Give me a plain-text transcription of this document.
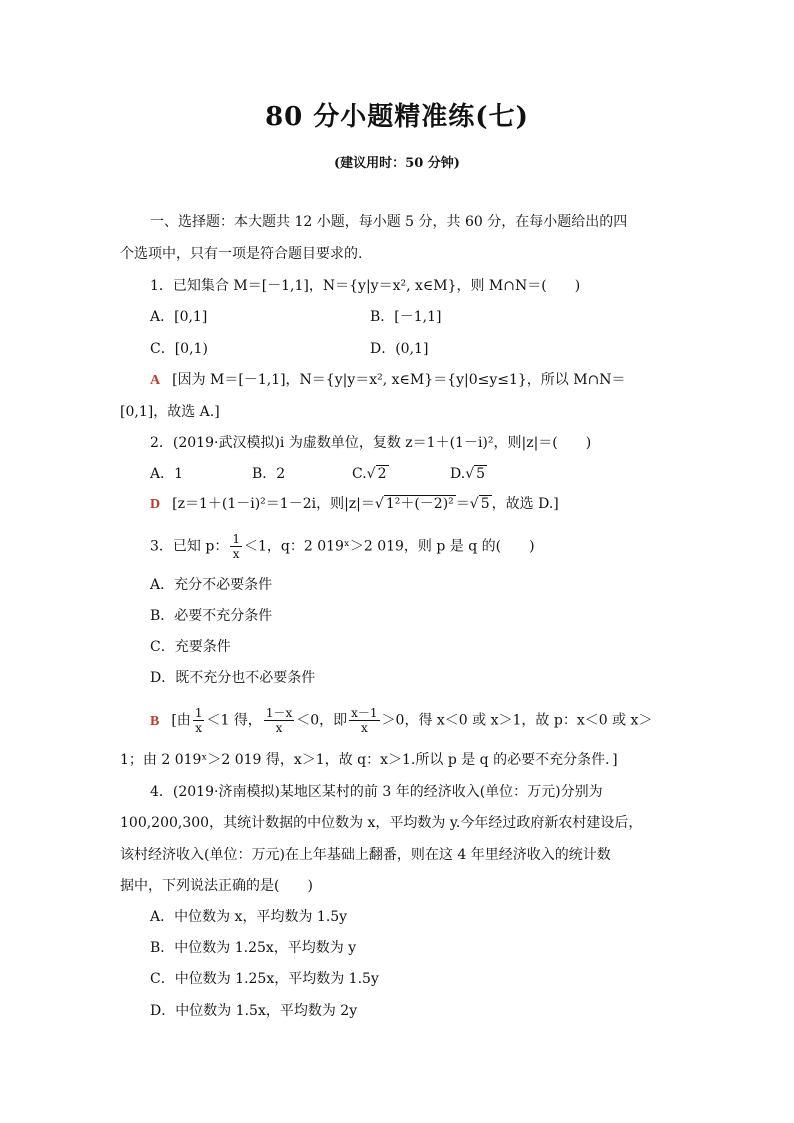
80 分小题精准练(七)
(建议用时：50 分钟)
一、选择题：本大题共 12 小题，每小题 5 分，共 60 分，在每小题给出的四
个选项中，只有一项是符合题目要求的.
1．已知集合 M＝[－1,1]，N＝{y|y＝x², x∈M}，则 M∩N＝(　　)
A．[0,1]	B．[－1,1]
C．[0,1)	D．(0,1]
A [因为 M＝[－1,1]，N＝{y|y＝x², x∈M}＝{y|0≤y≤1}，所以 M∩N＝
[0,1]，故选 A.]
2．(2019·武汉模拟)i 为虚数单位，复数 z＝1＋(1－i)²，则|z|＝(　　)
A．1	B．2	C.√ 2	D.√ 5
D [z＝1＋(1－i)²＝1－2i，则|z|＝√ 1²＋(－2)² ＝√ 5 ，故选 D.]
3．已知 p： $\frac{1}{x} <1$，q：2 019ˣ＞2 019，则 p 是 q 的(　　)
A．充分不必要条件
B．必要不充分条件
C．充要条件
D．既不充分也不必要条件
B [由 $\frac{1}{x} <1$ 得， $\frac{1-x}{x} <0$，即 $\frac{x-1}{x} >0$，得 x＜0 或 x＞1，故 p：x＜0 或 x＞
1；由 2 019ˣ＞2 019 得，x＞1，故 q：x＞1.所以 p 是 q 的必要不充分条件．]
4．(2019·济南模拟)某地区某村的前 3 年的经济收入(单位：万元)分别为
100,200,300，其统计数据的中位数为 x，平均数为 y.今年经过政府新农村建设后，
该村经济收入(单位：万元)在上年基础上翻番，则在这 4 年里经济收入的统计数
据中，下列说法正确的是(　　)
A．中位数为 x，平均数为 1.5y
B．中位数为 1.25x，平均数为 y
C．中位数为 1.25x，平均数为 1.5y
D．中位数为 1.5x，平均数为 2y
